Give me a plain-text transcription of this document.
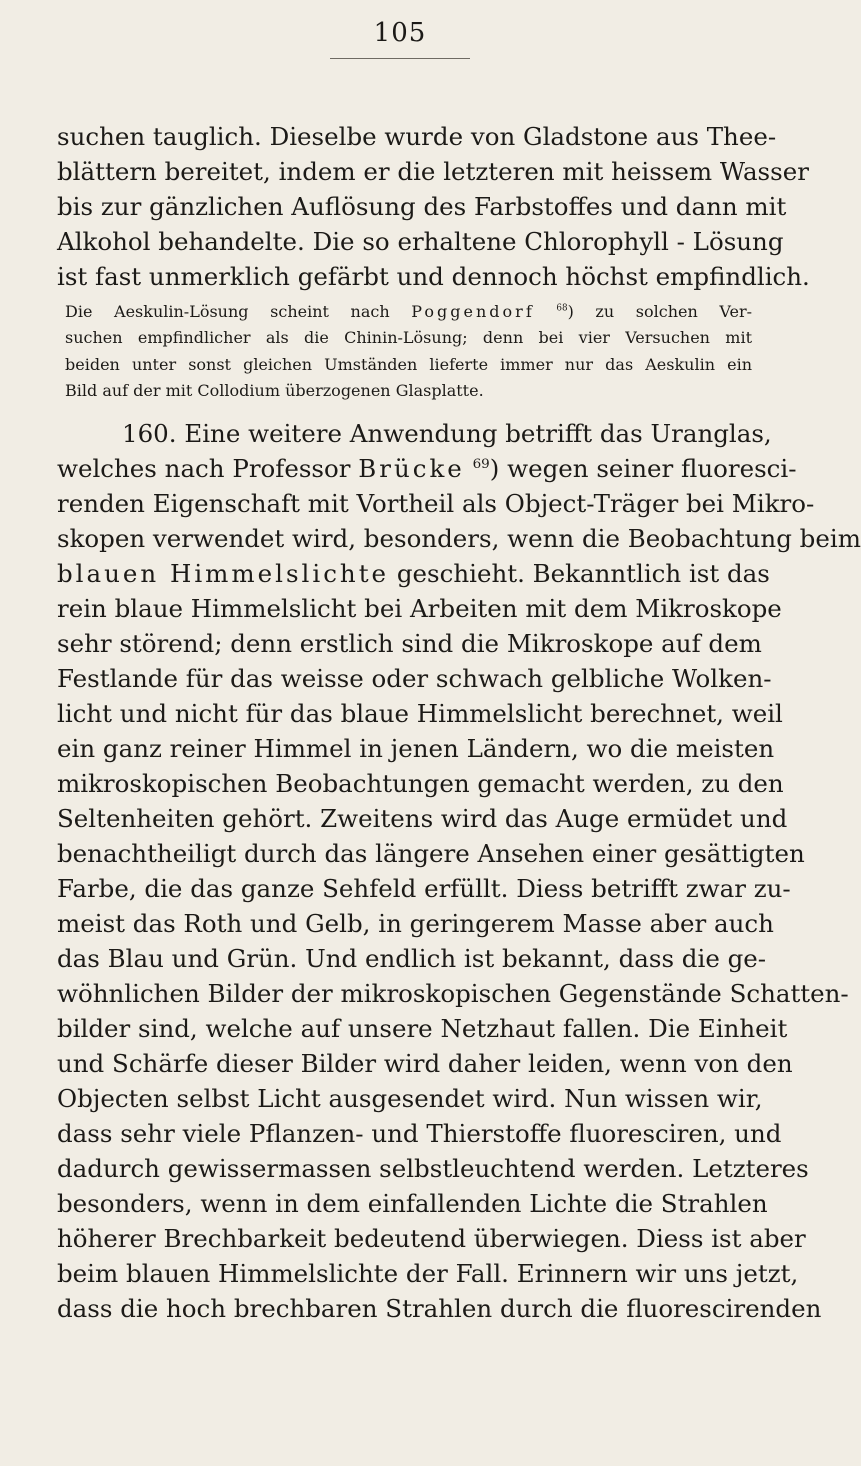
105
suchen tauglich. Dieselbe wurde von Gladstone aus Thee-
blättern bereitet, indem er die letzteren mit heissem Wasser
bis zur gänzlichen Auflösung des Farbstoffes und dann mit
Alkohol behandelte. Die so erhaltene Chlorophyll - Lösung
ist fast unmerklich gefärbt und dennoch höchst empfindlich.
Die Aeskulin-Lösung scheint nach Poggendorf $^{68}$) zu solchen Ver-
suchen empfindlicher als die Chinin-Lösung; denn bei vier Versuchen mit
beiden unter sonst gleichen Umständen lieferte immer nur das Aeskulin ein
Bild auf der mit Collodium überzogenen Glasplatte.
160. Eine weitere Anwendung betrifft das Uranglas,
welches nach Professor Brücke $^{69}$) wegen seiner fluoresci-
renden Eigenschaft mit Vortheil als Object-Träger bei Mikro-
skopen verwendet wird, besonders, wenn die Beobachtung beim
blauen Himmelslichte geschieht. Bekanntlich ist das
rein blaue Himmelslicht bei Arbeiten mit dem Mikroskope
sehr störend; denn erstlich sind die Mikroskope auf dem
Festlande für das weisse oder schwach gelbliche Wolken-
licht und nicht für das blaue Himmelslicht berechnet, weil
ein ganz reiner Himmel in jenen Ländern, wo die meisten
mikroskopischen Beobachtungen gemacht werden, zu den
Seltenheiten gehört. Zweitens wird das Auge ermüdet und
benachtheiligt durch das längere Ansehen einer gesättigten
Farbe, die das ganze Sehfeld erfüllt. Diess betrifft zwar zu-
meist das Roth und Gelb, in geringerem Masse aber auch
das Blau und Grün. Und endlich ist bekannt, dass die ge-
wöhnlichen Bilder der mikroskopischen Gegenstände Schatten-
bilder sind, welche auf unsere Netzhaut fallen. Die Einheit
und Schärfe dieser Bilder wird daher leiden, wenn von den
Objecten selbst Licht ausgesendet wird. Nun wissen wir,
dass sehr viele Pflanzen- und Thierstoffe fluoresciren, und
dadurch gewissermassen selbstleuchtend werden. Letzteres
besonders, wenn in dem einfallenden Lichte die Strahlen
höherer Brechbarkeit bedeutend überwiegen. Diess ist aber
beim blauen Himmelslichte der Fall. Erinnern wir uns jetzt,
dass die hoch brechbaren Strahlen durch die fluorescirenden
